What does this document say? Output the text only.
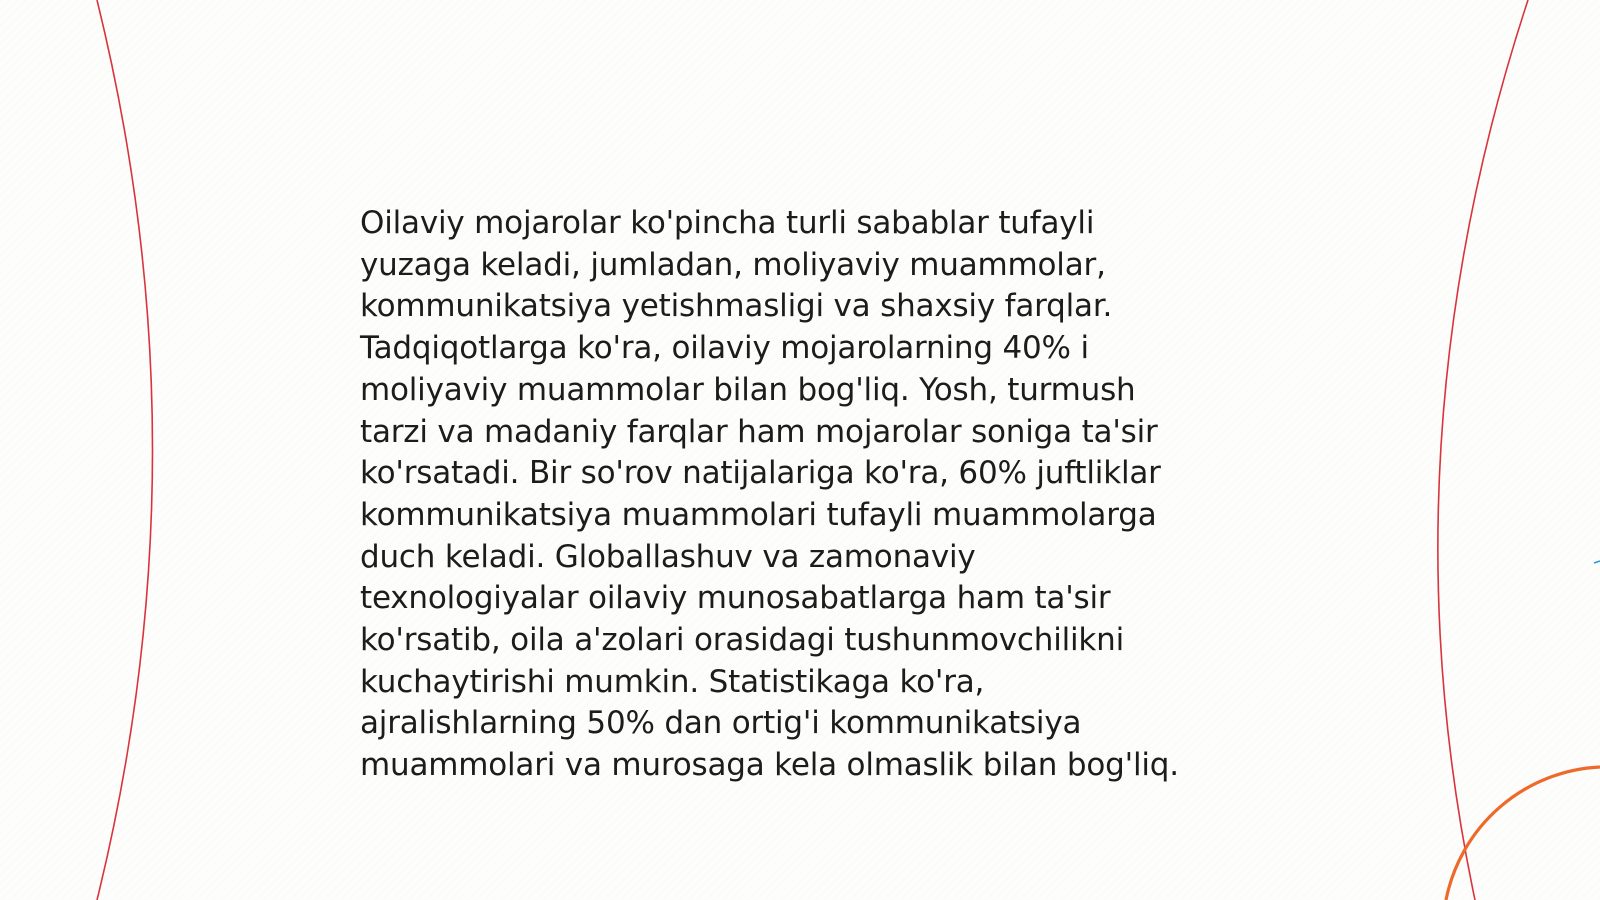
Oilaviy mojarolar ko'pincha turli sabablar tufayli
yuzaga keladi, jumladan, moliyaviy muammolar,
kommunikatsiya yetishmasligi va shaxsiy farqlar.
Tadqiqotlarga ko'ra, oilaviy mojarolarning 40% i
moliyaviy muammolar bilan bog'liq. Yosh, turmush
tarzi va madaniy farqlar ham mojarolar soniga ta'sir
ko'rsatadi. Bir so'rov natijalariga ko'ra, 60% juftliklar
kommunikatsiya muammolari tufayli muammolarga
duch keladi. Globallashuv va zamonaviy
texnologiyalar oilaviy munosabatlarga ham ta'sir
ko'rsatib, oila a'zolari orasidagi tushunmovchilikni
kuchaytirishi mumkin. Statistikaga ko'ra,
ajralishlarning 50% dan ortig'i kommunikatsiya
muammolari va murosaga kela olmaslik bilan bog'liq.
